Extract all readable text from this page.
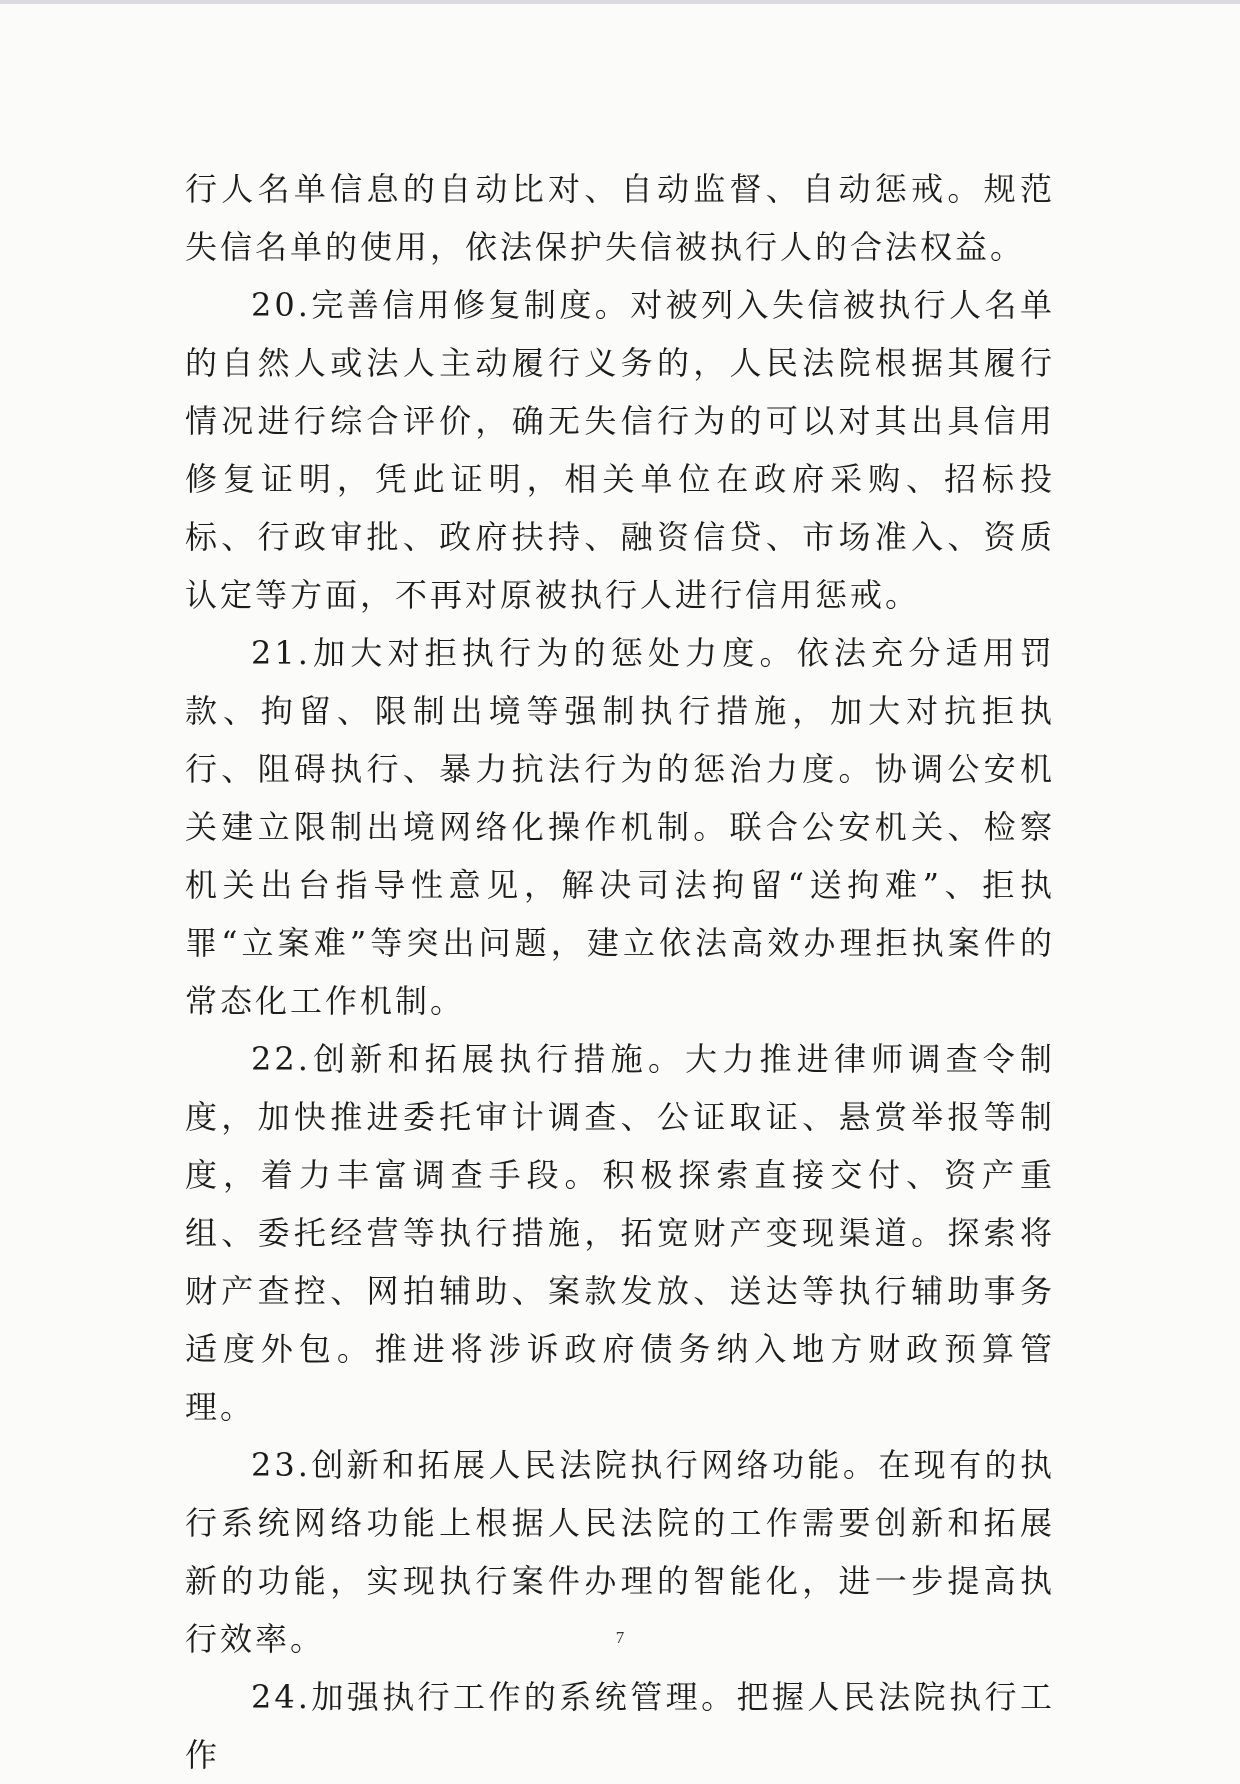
行人名单信息的自动比对、自动监督、自动惩戒。规范失信名单的使用，依法保护失信被执行人的合法权益。

20.完善信用修复制度。对被列入失信被执行人名单的自然人或法人主动履行义务的，人民法院根据其履行情况进行综合评价，确无失信行为的可以对其出具信用修复证明，凭此证明，相关单位在政府采购、招标投标、行政审批、政府扶持、融资信贷、市场准入、资质认定等方面，不再对原被执行人进行信用惩戒。

21.加大对拒执行为的惩处力度。依法充分适用罚款、拘留、限制出境等强制执行措施，加大对抗拒执行、阻碍执行、暴力抗法行为的惩治力度。协调公安机关建立限制出境网络化操作机制。联合公安机关、检察机关出台指导性意见，解决司法拘留“送拘难”、拒执罪“立案难”等突出问题，建立依法高效办理拒执案件的常态化工作机制。

22.创新和拓展执行措施。大力推进律师调查令制度，加快推进委托审计调查、公证取证、悬赏举报等制度，着力丰富调查手段。积极探索直接交付、资产重组、委托经营等执行措施，拓宽财产变现渠道。探索将财产查控、网拍辅助、案款发放、送达等执行辅助事务适度外包。推进将涉诉政府债务纳入地方财政预算管理。

23.创新和拓展人民法院执行网络功能。在现有的执行系统网络功能上根据人民法院的工作需要创新和拓展新的功能，实现执行案件办理的智能化，进一步提高执行效率。

24.加强执行工作的系统管理。把握人民法院执行工作

7
